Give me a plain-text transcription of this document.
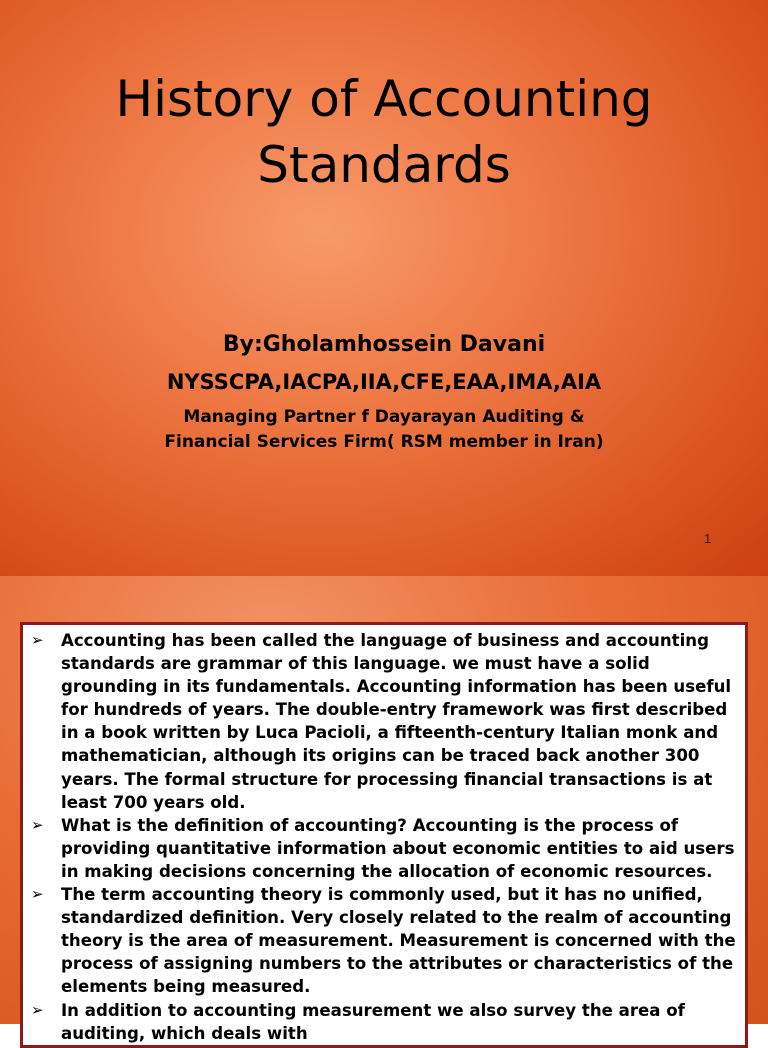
History of Accounting
Standards
By:Gholamhossein Davani
NYSSCPA,IACPA,IIA,CFE,EAA,IMA,AIA
Managing Partner f Dayarayan Auditing &
Financial Services Firm( RSM member in Iran)
1
➢ Accounting has been called the language of business and accounting standards are grammar of this language. we must have a solid grounding in its fundamentals. Accounting information has been useful for hundreds of years. The double-entry framework was first described in a book written by Luca Pacioli, a fifteenth-century Italian monk and mathematician, although its origins can be traced back another 300 years. The formal structure for processing financial transactions is at least 700 years old.
➢ What is the definition of accounting? Accounting is the process of providing quantitative information about economic entities to aid users in making decisions concerning the allocation of economic resources.
➢ The term accounting theory is commonly used, but it has no unified, standardized definition. Very closely related to the realm of accounting theory is the area of measurement. Measurement is concerned with the process of assigning numbers to the attributes or characteristics of the elements being measured.
➢ In addition to accounting measurement we also survey the area of auditing, which deals with
